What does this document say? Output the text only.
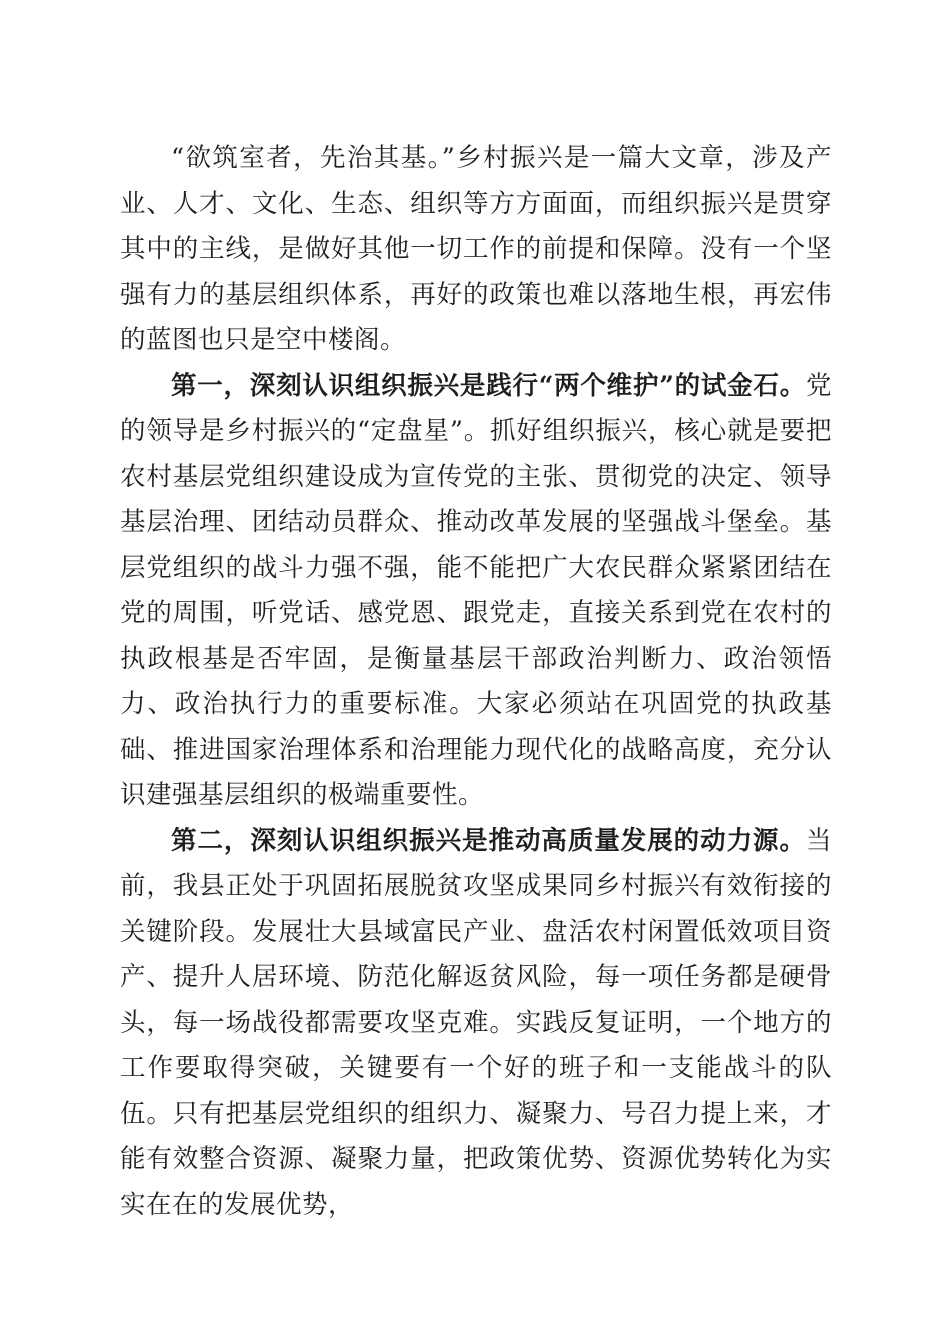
“欲筑室者，先治其基。”乡村振兴是一篇大文章，涉及产业、人才、文化、生态、组织等方方面面，而组织振兴是贯穿其中的主线，是做好其他一切工作的前提和保障。没有一个坚强有力的基层组织体系，再好的政策也难以落地生根，再宏伟的蓝图也只是空中楼阁。

第一，深刻认识组织振兴是践行“两个维护”的试金石。党的领导是乡村振兴的“定盘星”。抓好组织振兴，核心就是要把农村基层党组织建设成为宣传党的主张、贯彻党的决定、领导基层治理、团结动员群众、推动改革发展的坚强战斗堡垒。基层党组织的战斗力强不强，能不能把广大农民群众紧紧团结在党的周围，听党话、感党恩、跟党走，直接关系到党在农村的执政根基是否牢固，是衡量基层干部政治判断力、政治领悟力、政治执行力的重要标准。大家必须站在巩固党的执政基础、推进国家治理体系和治理能力现代化的战略高度，充分认识建强基层组织的极端重要性。

第二，深刻认识组织振兴是推动高质量发展的动力源。当前，我县正处于巩固拓展脱贫攻坚成果同乡村振兴有效衔接的关键阶段。发展壮大县域富民产业、盘活农村闲置低效项目资产、提升人居环境、防范化解返贫风险，每一项任务都是硬骨头，每一场战役都需要攻坚克难。实践反复证明，一个地方的工作要取得突破，关键要有一个好的班子和一支能战斗的队伍。只有把基层党组织的组织力、凝聚力、号召力提上来，才能有效整合资源、凝聚力量，把政策优势、资源优势转化为实实在在的发展优势，
